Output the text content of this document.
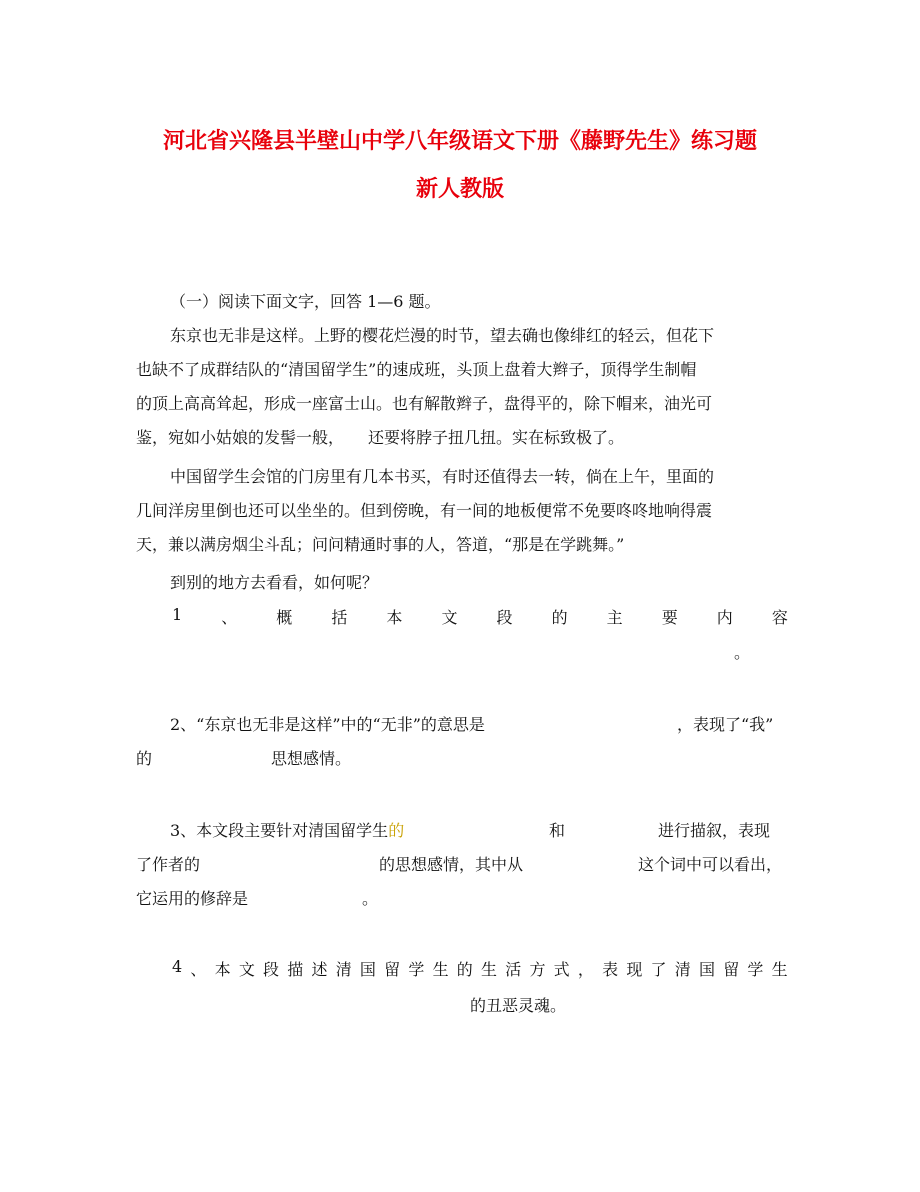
河北省兴隆县半壁山中学八年级语文下册《藤野先生》练习题
新人教版
（一）阅读下面文字，回答 1—6 题。
东京也无非是这样。上野的樱花烂漫的时节，望去确也像绯红的轻云，但花下
也缺不了成群结队的“清国留学生”的速成班，头顶上盘着大辫子，顶得学生制帽
的顶上高高耸起，形成一座富士山。也有解散辫子，盘得平的，除下帽来，油光可
鉴，宛如小姑娘的发髻一般，　　还要将脖子扭几扭。实在标致极了。
中国留学生会馆的门房里有几本书买，有时还值得去一转，倘在上午，里面的
几间洋房里倒也还可以坐坐的。但到傍晚，有一间的地板便常不免要咚咚地响得震
天，兼以满房烟尘斗乱；问问精通时事的人，答道，“那是在学跳舞。”
到别的地方去看看，如何呢？
1 、 概 括 本 文 段 的 主 要 内 容
。
2、“东京也无非是这样”中的“无非”的意思是	，表现了“我”
的	思想感情。
3、本文段主要针对清国留学生的	和	进行描叙，表现
了作者的	的思想感情，其中从	这个词中可以看出，
它运用的修辞是	。
4 、 本 文 段 描 述 清 国 留 学 生 的 生 活 方 式 ， 表 现 了 清 国 留 学 生
的丑恶灵魂。
